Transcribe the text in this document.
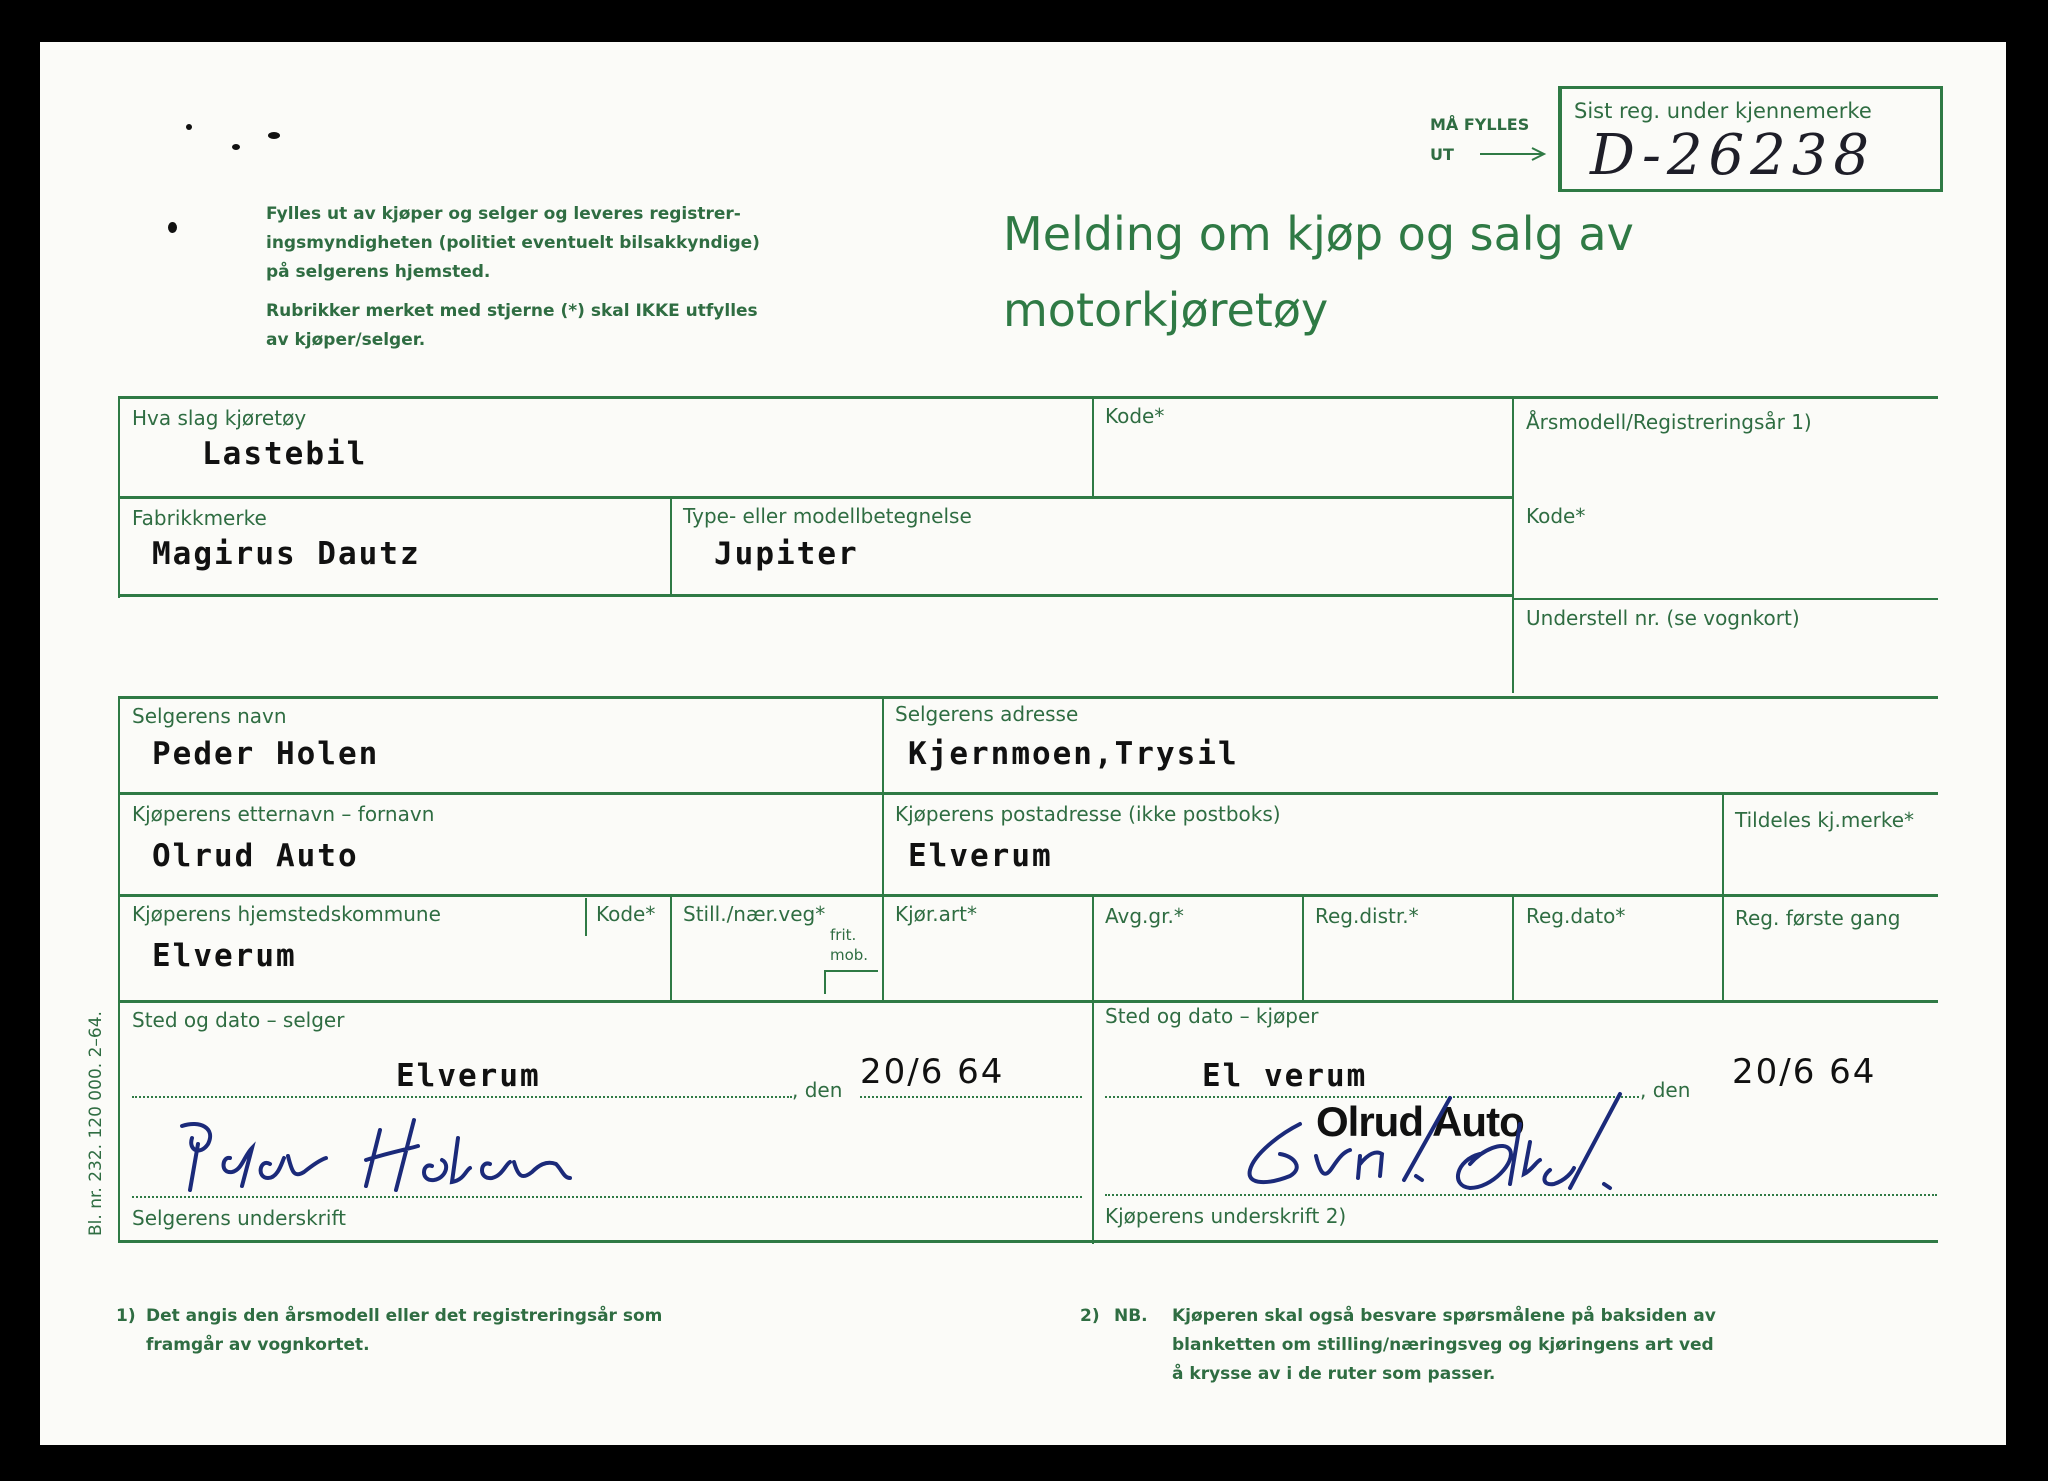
Fylles ut av kjøper og selger og leveres registrer-
ingsmyndigheten (politiet eventuelt bilsakkyndige)
på selgerens hjemsted.
Rubrikker merket med stjerne (*) skal IKKE utfylles
av kjøper/selger.
Melding om kjøp og salg av
motorkjøretøy
MÅ FYLLES
UT
Sist reg. under kjennemerke
D-26238
Hva slag kjøretøy
Lastebil
Kode*	Årsmodell/Registreringsår 1)
Fabrikkmerke
Magirus Dautz
Type- eller modellbetegnelse
Jupiter
Kode*
Understell nr. (se vognkort)
Selgerens navn
Peder Holen
Selgerens adresse
Kjernmoen,Trysil
Kjøperens etternavn – fornavn
Olrud Auto
Kjøperens postadresse (ikke postboks)
Elverum
Tildeles kj.merke*
Kjøperens hjemstedskommune
Elverum
Kode* Still./nær.veg*
frit.
mob.
Kjør.art*	Avg.gr.*	Reg.distr.*	Reg.dato*	Reg. første gang
Sted og dato – selger
Elverum	, den 20/6 64
Selgerens underskrift
Sted og dato – kjøper
El verum	, den 20/6 64
Olrud Auto
Kjøperens underskrift 2)
Bl. nr. 232. 120 000. 2–64.
1) Det angis den årsmodell eller det registreringsår som
framgår av vognkortet.
2) NB. Kjøperen skal også besvare spørsmålene på baksiden av
blanketten om stilling/næringsveg og kjøringens art ved
å krysse av i de ruter som passer.
